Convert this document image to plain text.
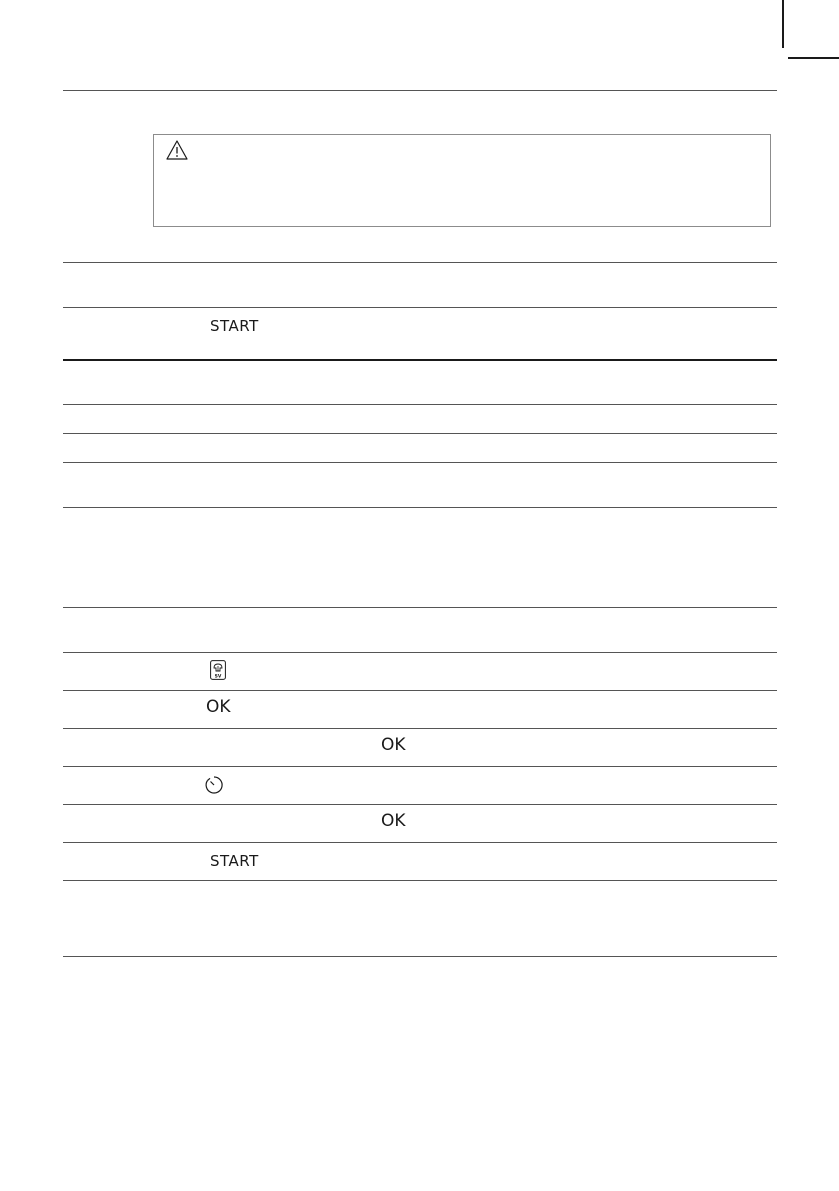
START
SV
OK
OK
OK
START
